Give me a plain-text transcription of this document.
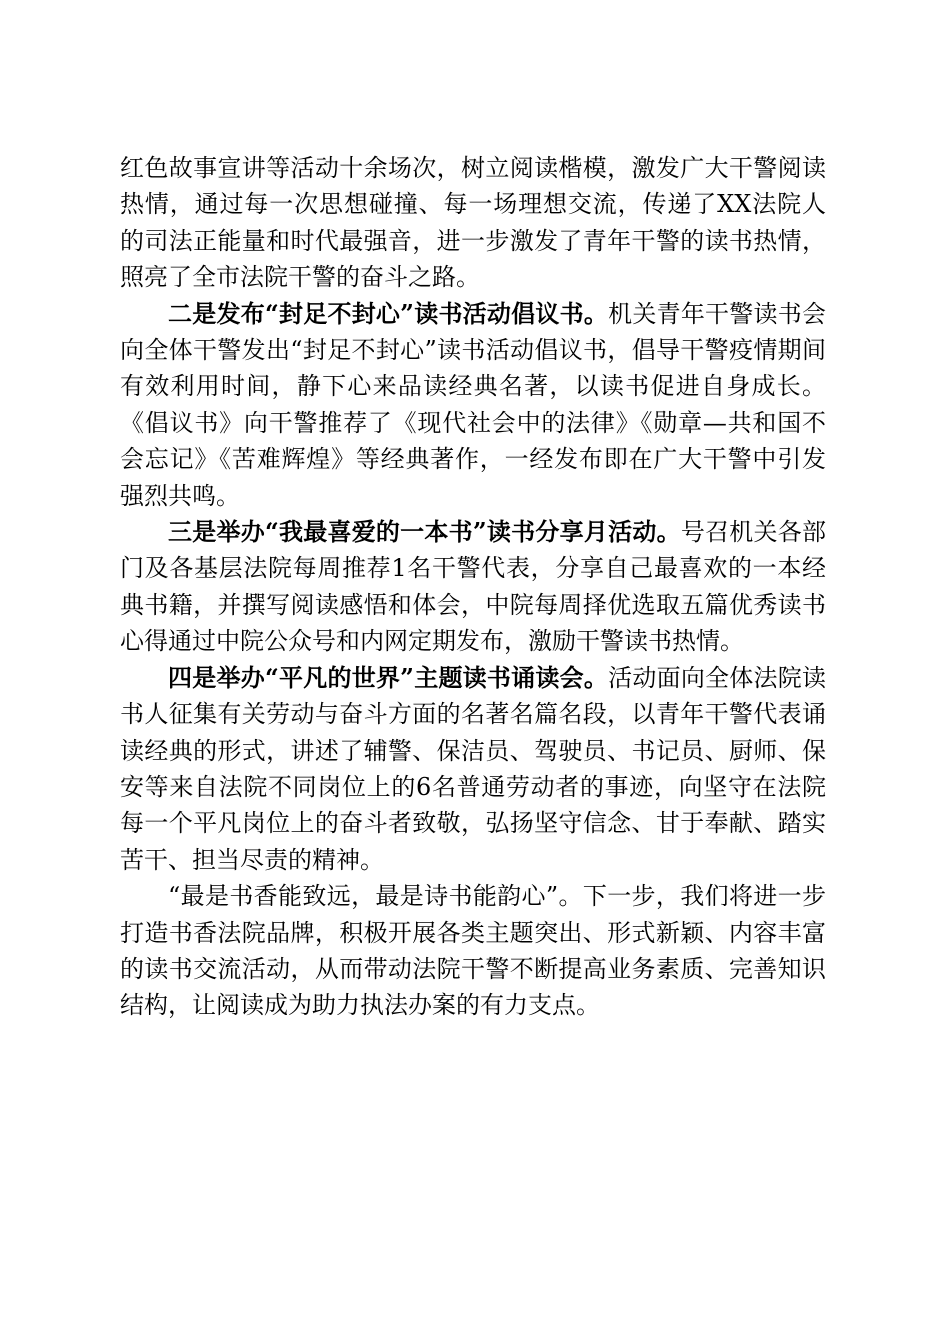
红色故事宣讲等活动十余场次，树立阅读楷模，激发广大干警阅读热情，通过每一次思想碰撞、每一场理想交流，传递了XX法院人的司法正能量和时代最强音，进一步激发了青年干警的读书热情，照亮了全市法院干警的奋斗之路。

二是发布“封足不封心”读书活动倡议书。机关青年干警读书会向全体干警发出“封足不封心”读书活动倡议书，倡导干警疫情期间有效利用时间，静下心来品读经典名著，以读书促进自身成长。《倡议书》向干警推荐了《现代社会中的法律》《勋章—共和国不会忘记》《苦难辉煌》等经典著作，一经发布即在广大干警中引发强烈共鸣。

三是举办“我最喜爱的一本书”读书分享月活动。号召机关各部门及各基层法院每周推荐1名干警代表，分享自己最喜欢的一本经典书籍，并撰写阅读感悟和体会，中院每周择优选取五篇优秀读书心得通过中院公众号和内网定期发布，激励干警读书热情。

四是举办“平凡的世界”主题读书诵读会。活动面向全体法院读书人征集有关劳动与奋斗方面的名著名篇名段，以青年干警代表诵读经典的形式，讲述了辅警、保洁员、驾驶员、书记员、厨师、保安等来自法院不同岗位上的6名普通劳动者的事迹，向坚守在法院每一个平凡岗位上的奋斗者致敬，弘扬坚守信念、甘于奉献、踏实苦干、担当尽责的精神。

“最是书香能致远，最是诗书能韵心”。下一步，我们将进一步打造书香法院品牌，积极开展各类主题突出、形式新颖、内容丰富的读书交流活动，从而带动法院干警不断提高业务素质、完善知识结构，让阅读成为助力执法办案的有力支点。
